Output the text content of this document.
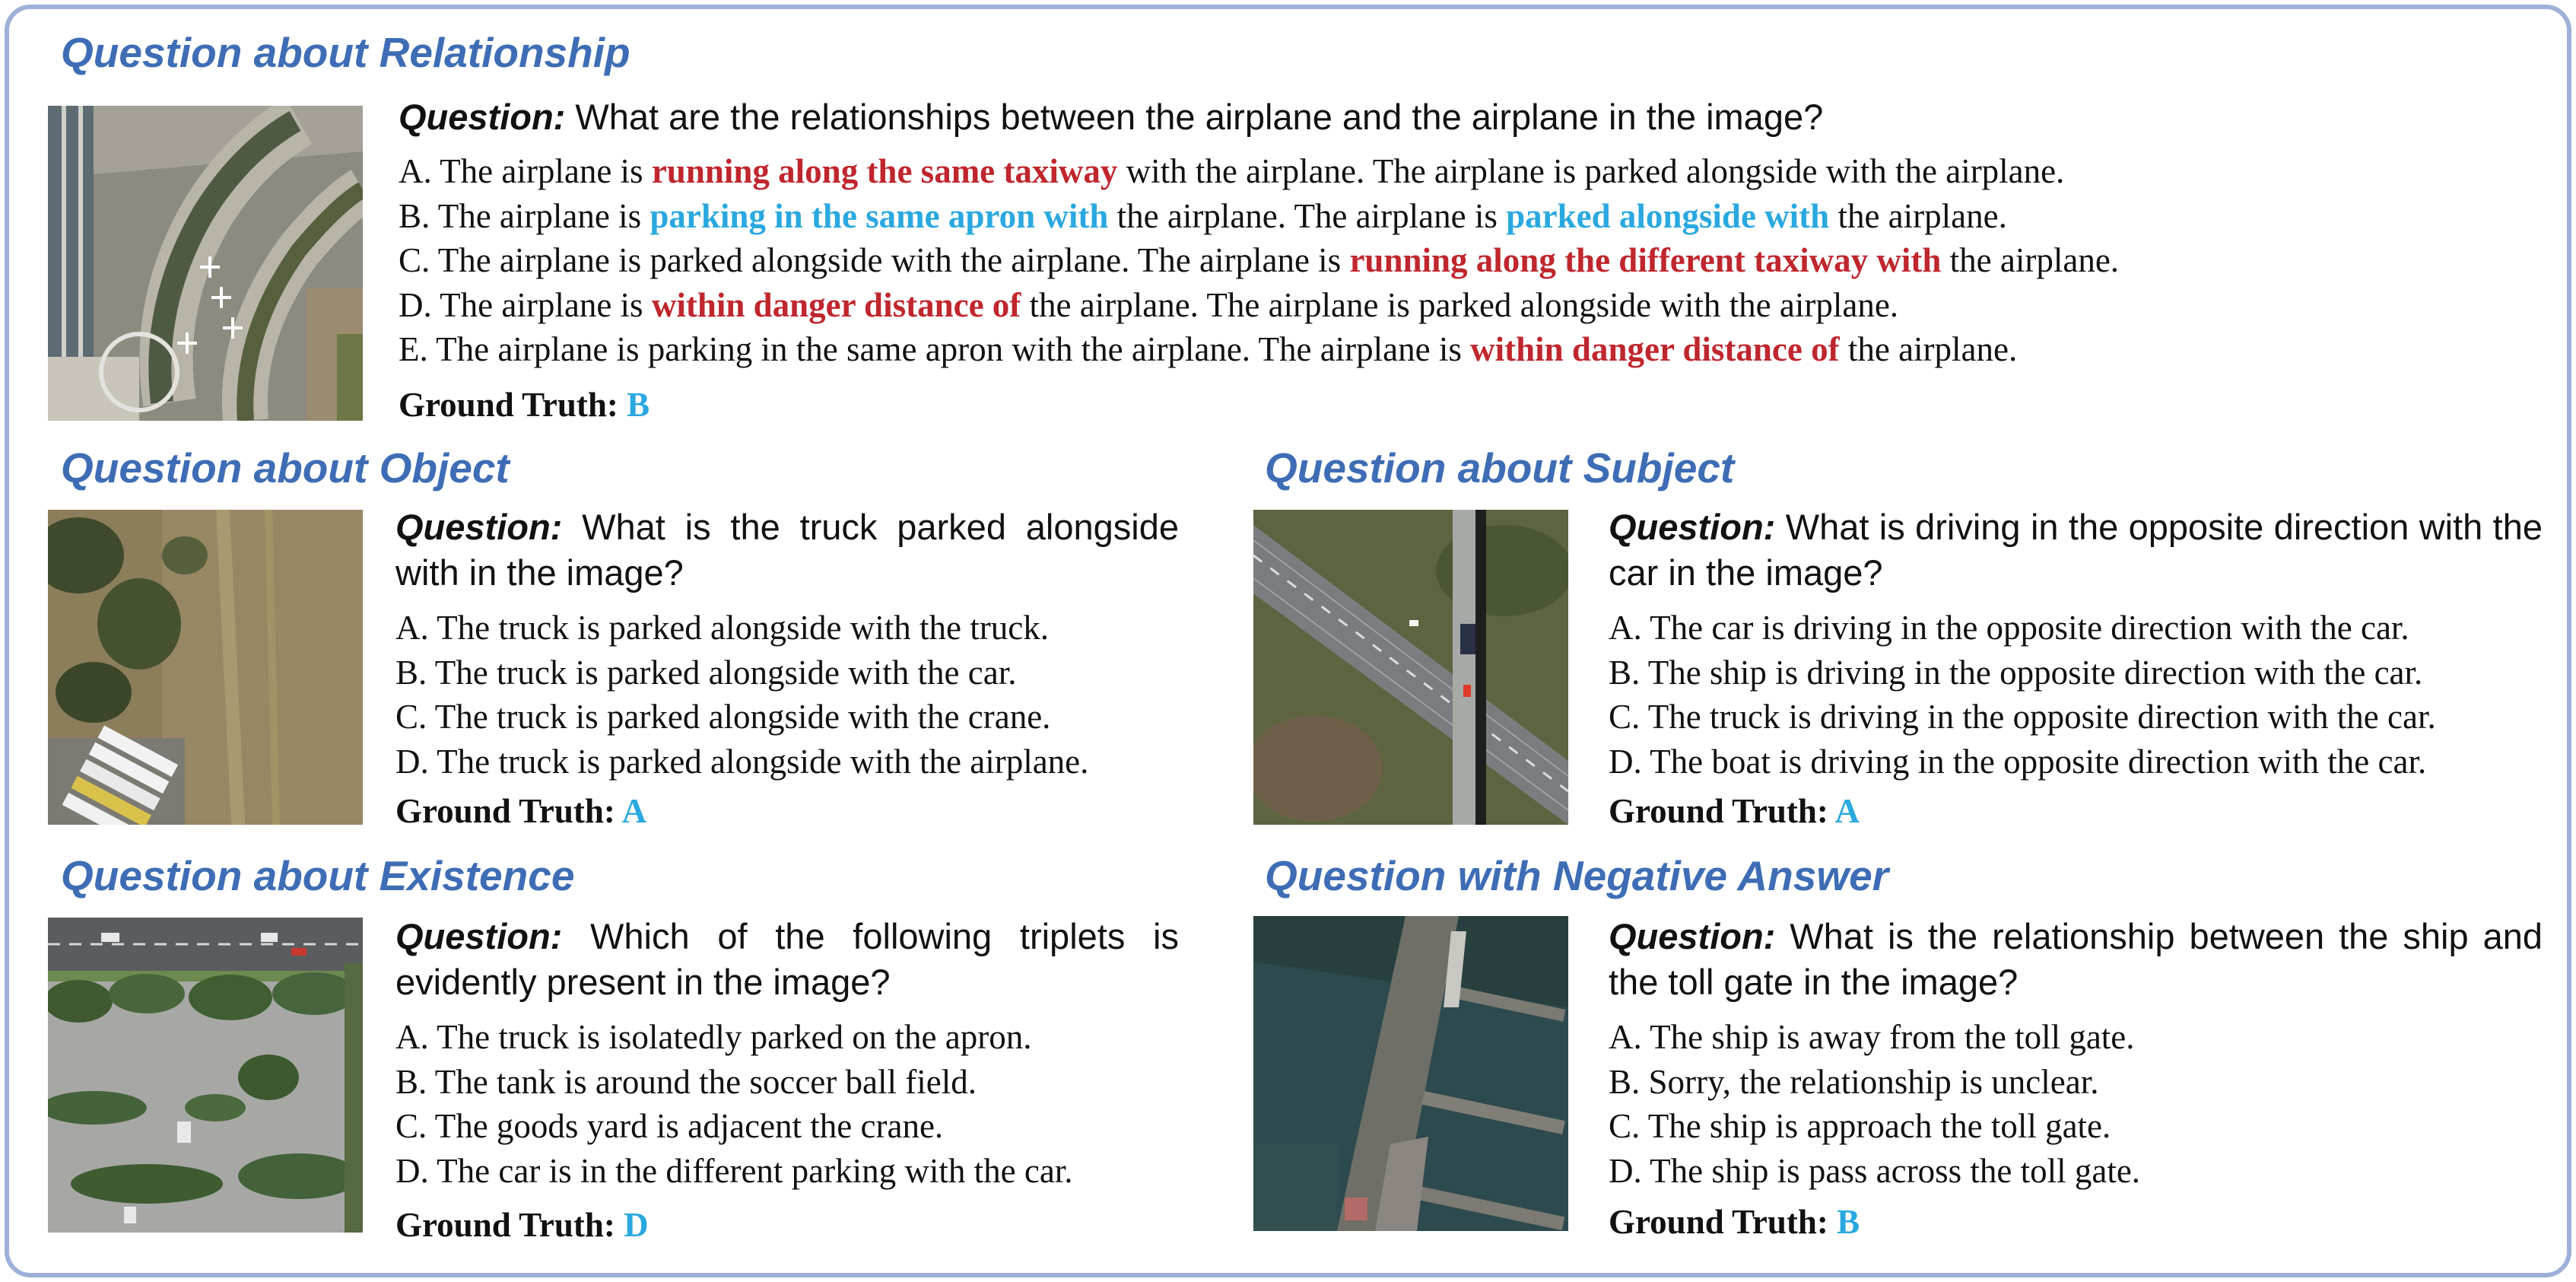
Question about Relationship
Question: What are the relationships between the airplane and the airplane in the image?
A. The airplane is running along the same taxiway with the airplane. The airplane is parked alongside with the airplane.
B. The airplane is parking in the same apron with the airplane. The airplane is parked alongside with the airplane.
C. The airplane is parked alongside with the airplane. The airplane is running along the different taxiway with the airplane.
D. The airplane is within danger distance of the airplane. The airplane is parked alongside with the airplane.
E. The airplane is parking in the same apron with the airplane. The airplane is within danger distance of the airplane.
Ground Truth: B
Question about Object
Question: What is the truck parked alongside with in the image?
A. The truck is parked alongside with the truck.
B. The truck is parked alongside with the car.
C. The truck is parked alongside with the crane.
D. The truck is parked alongside with the airplane.
Ground Truth: A
Question about Subject
Question: What is driving in the opposite direction with the car in the image?
A. The car is driving in the opposite direction with the car.
B. The ship is driving in the opposite direction with the car.
C. The truck is driving in the opposite direction with the car.
D. The boat is driving in the opposite direction with the car.
Ground Truth: A
Question about Existence
Question: Which of the following triplets is evidently present in the image?
A. The truck is isolatedly parked on the apron.
B. The tank is around the soccer ball field.
C. The goods yard is adjacent the crane.
D. The car is in the different parking with the car.
Ground Truth: D
Question with Negative Answer
Question: What is the relationship between the ship and the toll gate in the image?
A. The ship is away from the toll gate.
B. Sorry, the relationship is unclear.
C. The ship is approach the toll gate.
D. The ship is pass across the toll gate.
Ground Truth: B
